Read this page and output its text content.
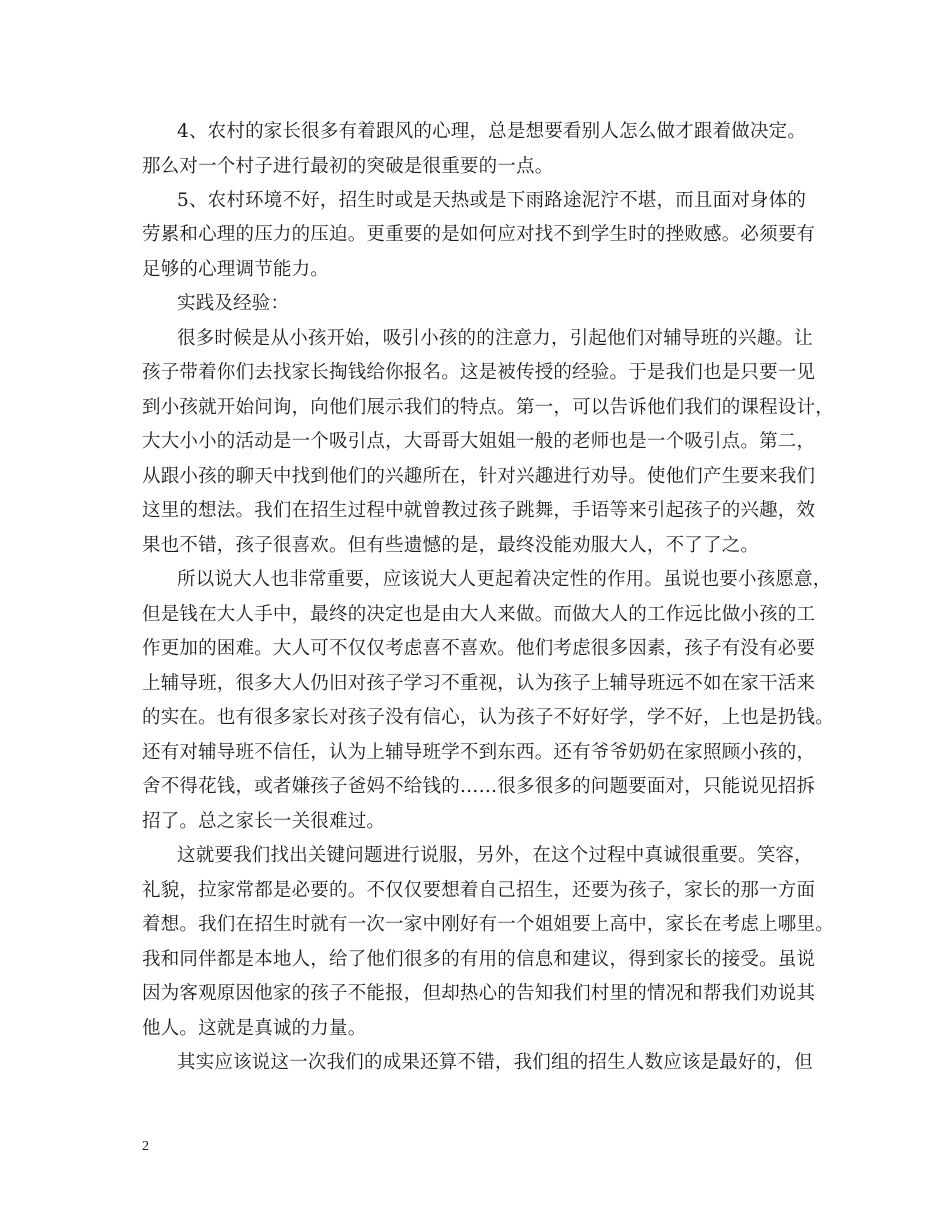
4、农村的家长很多有着跟风的心理，总是想要看别人怎么做才跟着做决定。
那么对一个村子进行最初的突破是很重要的一点。
5、农村环境不好，招生时或是天热或是下雨路途泥泞不堪，而且面对身体的
劳累和心理的压力的压迫。更重要的是如何应对找不到学生时的挫败感。必须要有
足够的心理调节能力。
实践及经验：
很多时候是从小孩开始，吸引小孩的的注意力，引起他们对辅导班的兴趣。让
孩子带着你们去找家长掏钱给你报名。这是被传授的经验。于是我们也是只要一见
到小孩就开始问询，向他们展示我们的特点。第一，可以告诉他们我们的课程设计，
大大小小的活动是一个吸引点，大哥哥大姐姐一般的老师也是一个吸引点。第二，
从跟小孩的聊天中找到他们的兴趣所在，针对兴趣进行劝导。使他们产生要来我们
这里的想法。我们在招生过程中就曾教过孩子跳舞，手语等来引起孩子的兴趣，效
果也不错，孩子很喜欢。但有些遗憾的是，最终没能劝服大人，不了了之。
所以说大人也非常重要，应该说大人更起着决定性的作用。虽说也要小孩愿意，
但是钱在大人手中，最终的决定也是由大人来做。而做大人的工作远比做小孩的工
作更加的困难。大人可不仅仅考虑喜不喜欢。他们考虑很多因素，孩子有没有必要
上辅导班，很多大人仍旧对孩子学习不重视，认为孩子上辅导班远不如在家干活来
的实在。也有很多家长对孩子没有信心，认为孩子不好好学，学不好，上也是扔钱。
还有对辅导班不信任，认为上辅导班学不到东西。还有爷爷奶奶在家照顾小孩的，
舍不得花钱，或者嫌孩子爸妈不给钱的……很多很多的问题要面对，只能说见招拆
招了。总之家长一关很难过。
这就要我们找出关键问题进行说服，另外，在这个过程中真诚很重要。笑容，
礼貌，拉家常都是必要的。不仅仅要想着自己招生，还要为孩子，家长的那一方面
着想。我们在招生时就有一次一家中刚好有一个姐姐要上高中，家长在考虑上哪里。
我和同伴都是本地人，给了他们很多的有用的信息和建议，得到家长的接受。虽说
因为客观原因他家的孩子不能报，但却热心的告知我们村里的情况和帮我们劝说其
他人。这就是真诚的力量。
其实应该说这一次我们的成果还算不错，我们组的招生人数应该是最好的，但
2
